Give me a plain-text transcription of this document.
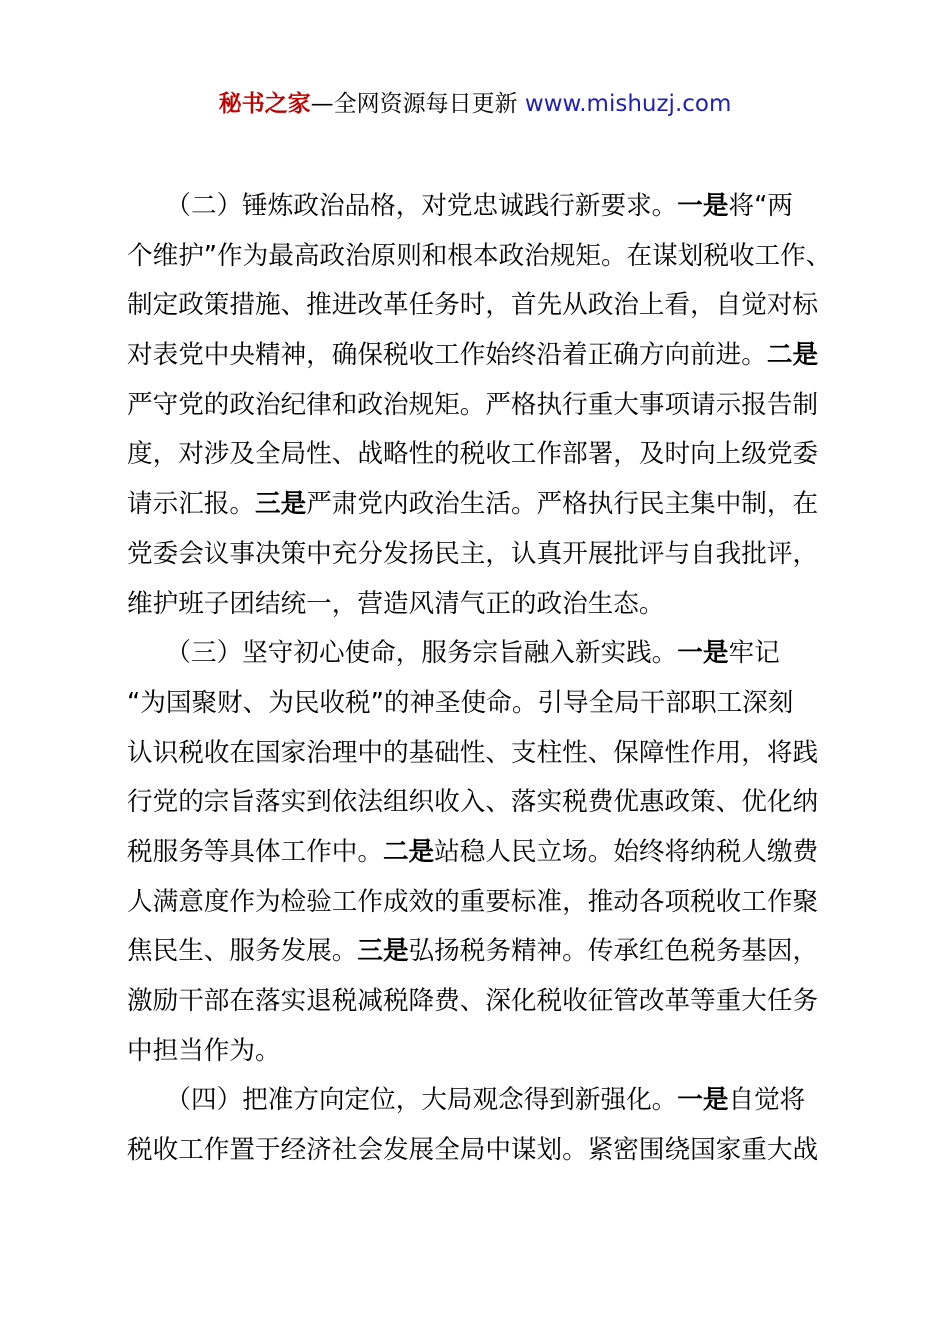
秘书之家—全网资源每日更新 www.mishuzj.com
　　（二）锤炼政治品格，对党忠诚践行新要求。一是将“两
个维护”作为最高政治原则和根本政治规矩。在谋划税收工作、
制定政策措施、推进改革任务时，首先从政治上看，自觉对标
对表党中央精神，确保税收工作始终沿着正确方向前进。二是
严守党的政治纪律和政治规矩。严格执行重大事项请示报告制
度，对涉及全局性、战略性的税收工作部署，及时向上级党委
请示汇报。三是严肃党内政治生活。严格执行民主集中制，在
党委会议事决策中充分发扬民主，认真开展批评与自我批评，
维护班子团结统一，营造风清气正的政治生态。
　　（三）坚守初心使命，服务宗旨融入新实践。一是牢记
“为国聚财、为民收税”的神圣使命。引导全局干部职工深刻
认识税收在国家治理中的基础性、支柱性、保障性作用，将践
行党的宗旨落实到依法组织收入、落实税费优惠政策、优化纳
税服务等具体工作中。二是站稳人民立场。始终将纳税人缴费
人满意度作为检验工作成效的重要标准，推动各项税收工作聚
焦民生、服务发展。三是弘扬税务精神。传承红色税务基因，
激励干部在落实退税减税降费、深化税收征管改革等重大任务
中担当作为。
　　（四）把准方向定位，大局观念得到新强化。一是自觉将
税收工作置于经济社会发展全局中谋划。紧密围绕国家重大战
